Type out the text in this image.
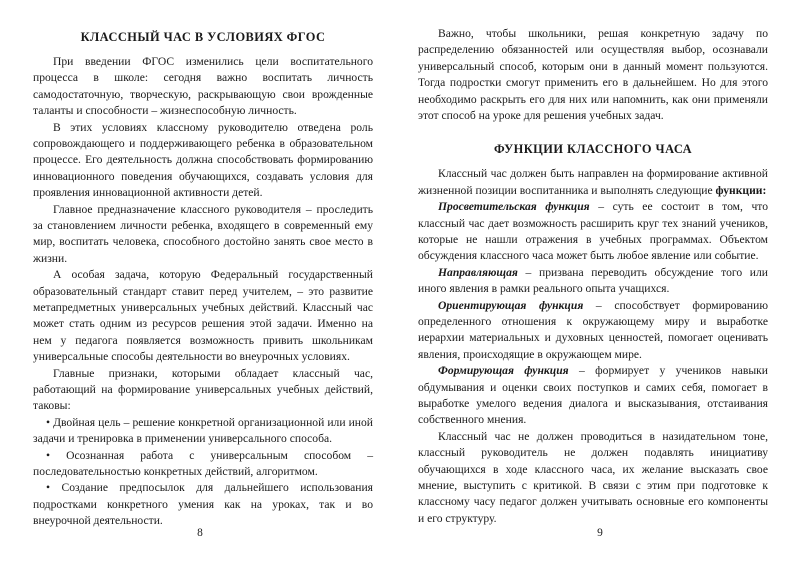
КЛАССНЫЙ ЧАС В УСЛОВИЯХ ФГОС

При введении ФГОС изменились цели воспитательного процесса в школе: сегодня важно воспитать личность самодостаточную, творческую, раскрывающую свои врожденные таланты и способности – жизнеспособную личность.

В этих условиях классному руководителю отведена роль сопровождающего и поддерживающего ребенка в образовательном процессе. Его деятельность должна способствовать формированию инновационного поведения обучающихся, создавать условия для проявления инновационной активности детей.

Главное предназначение классного руководителя – проследить за становлением личности ребенка, входящего в современный ему мир, воспитать человека, способного достойно занять свое место в жизни.

А особая задача, которую Федеральный государственный образовательный стандарт ставит перед учителем, – это развитие метапредметных универсальных учебных действий. Классный час может стать одним из ресурсов решения этой задачи. Именно на нем у педагога появляется возможность привить школьникам универсальные способы деятельности во внеурочных условиях.

Главные признаки, которыми обладает классный час, работающий на формирование универсальных учебных действий, таковы:

• Двойная цель – решение конкретной организационной или иной задачи и тренировка в применении универсального способа.

• Осознанная работа с универсальным способом – последовательностью конкретных действий, алгоритмом.

• Создание предпосылок для дальнейшего использования подростками конкретного умения как на уроках, так и во внеурочной деятельности.

8

Важно, чтобы школьники, решая конкретную задачу по распределению обязанностей или осуществляя выбор, осознавали универсальный способ, которым они в данный момент пользуются. Тогда подростки смогут применить его в дальнейшем. Но для этого необходимо раскрыть его для них или напомнить, как они применяли этот способ на уроке для решения учебных задач.

ФУНКЦИИ КЛАССНОГО ЧАСА

Классный час должен быть направлен на формирование активной жизненной позиции воспитанника и выполнять следующие функции:

Просветительская функция – суть ее состоит в том, что классный час дает возможность расширить круг тех знаний учеников, которые не нашли отражения в учебных программах. Объектом обсуждения классного часа может быть любое явление или событие.

Направляющая – призвана переводить обсуждение того или иного явления в рамки реального опыта учащихся.

Ориентирующая функция – способствует формированию определенного отношения к окружающему миру и выработке иерархии материальных и духовных ценностей, помогает оценивать явления, происходящие в окружающем мире.

Формирующая функция – формирует у учеников навыки обдумывания и оценки своих поступков и самих себя, помогает в выработке умелого ведения диалога и высказывания, отстаивания собственного мнения.

Классный час не должен проводиться в назидательном тоне, классный руководитель не должен подавлять инициативу обучающихся в ходе классного часа, их желание высказать свое мнение, выступить с критикой. В связи с этим при подготовке к классному часу педагог должен учитывать основные его компоненты и его структуру.

9
